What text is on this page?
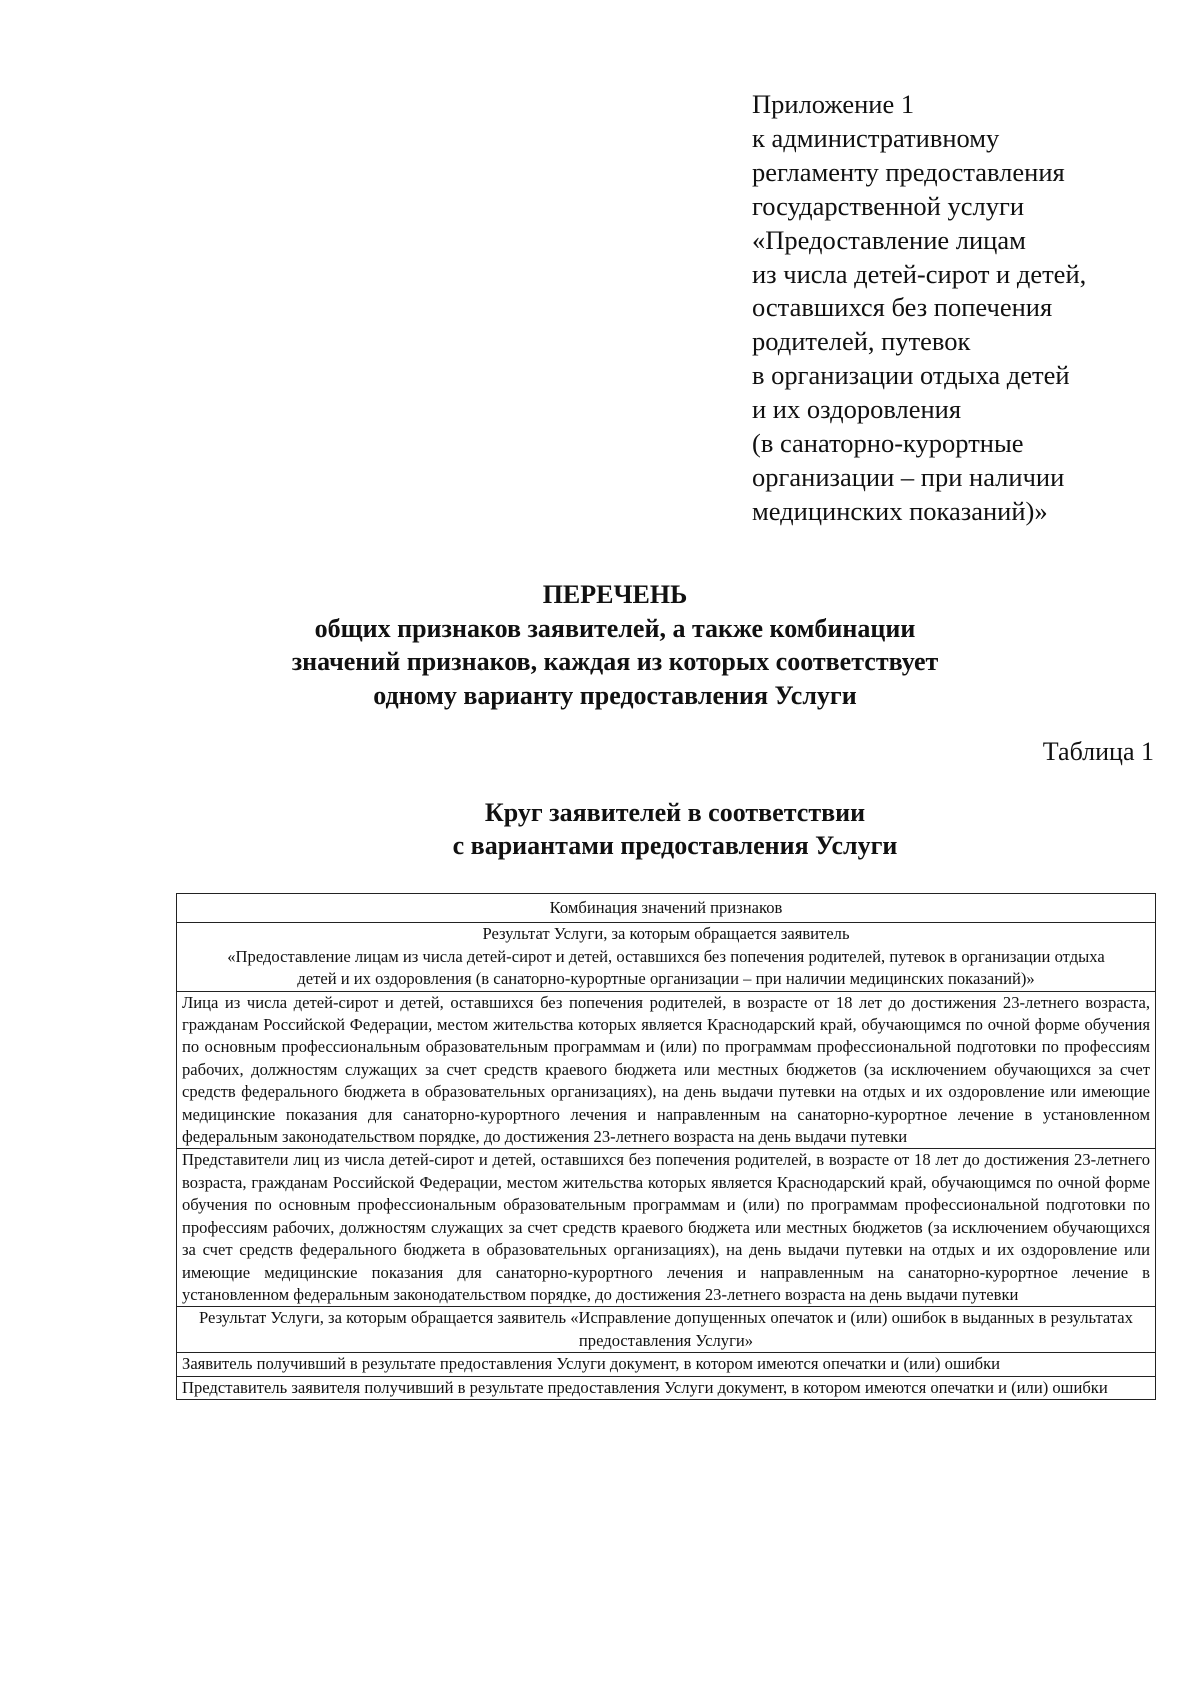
Приложение 1
к административному
регламенту предоставления
государственной услуги
«Предоставление лицам
из числа детей-сирот и детей,
оставшихся без попечения
родителей, путевок
в организации отдыха детей
и их оздоровления
(в санаторно-курортные
организации – при наличии
медицинских показаний)»
ПЕРЕЧЕНЬ
общих признаков заявителей, а также комбинации
значений признаков, каждая из которых соответствует
одному варианту предоставления Услуги
Таблица 1
Круг заявителей в соответствии
с вариантами предоставления Услуги
Комбинация значений признаков

Результат Услуги, за которым обращается заявитель
«Предоставление лицам из числа детей-сирот и детей, оставшихся без попечения родителей, путевок в организации отдыха детей и их оздоровления (в санаторно-курортные организации – при наличии медицинских показаний)»

Лица из числа детей-сирот и детей, оставшихся без попечения родителей, в возрасте от 18 лет до достижения 23-летнего возраста, гражданам Российской Федерации, местом жительства которых является Краснодарский край, обучающимся по очной форме обучения по основным профессиональным образовательным программам и (или) по программам профессиональной подготовки по профессиям рабочих, должностям служащих за счет средств краевого бюджета или местных бюджетов (за исключением обучающихся за счет средств федерального бюджета в образовательных организациях), на день выдачи путевки на отдых и их оздоровление или имеющие медицинские показания для санаторно-курортного лечения и направленным на санаторно-курортное лечение в установленном федеральным законодательством порядке, до достижения 23-летнего возраста на день выдачи путевки
Представители лиц из числа детей-сирот и детей, оставшихся без попечения родителей, в возрасте от 18 лет до достижения 23-летнего возраста, гражданам Российской Федерации, местом жительства которых является Краснодарский край, обучающимся по очной форме обучения по основным профессиональным образовательным программам и (или) по программам профессиональной подготовки по профессиям рабочих, должностям служащих за счет средств краевого бюджета или местных бюджетов (за исключением обучающихся за счет средств федерального бюджета в образовательных организациях), на день выдачи путевки на отдых и их оздоровление или имеющие медицинские показания для санаторно-курортного лечения и направленным на санаторно-курортное лечение в установленном федеральным законодательством порядке, до достижения 23-летнего возраста на день выдачи путевки
Результат Услуги, за которым обращается заявитель «Исправление допущенных опечаток и (или) ошибок в выданных в результатах предоставления Услуги»
Заявитель получивший в результате предоставления Услуги документ, в котором имеются опечатки и (или) ошибки
Представитель заявителя получивший в результате предоставления Услуги документ, в котором имеются опечатки и (или) ошибки
